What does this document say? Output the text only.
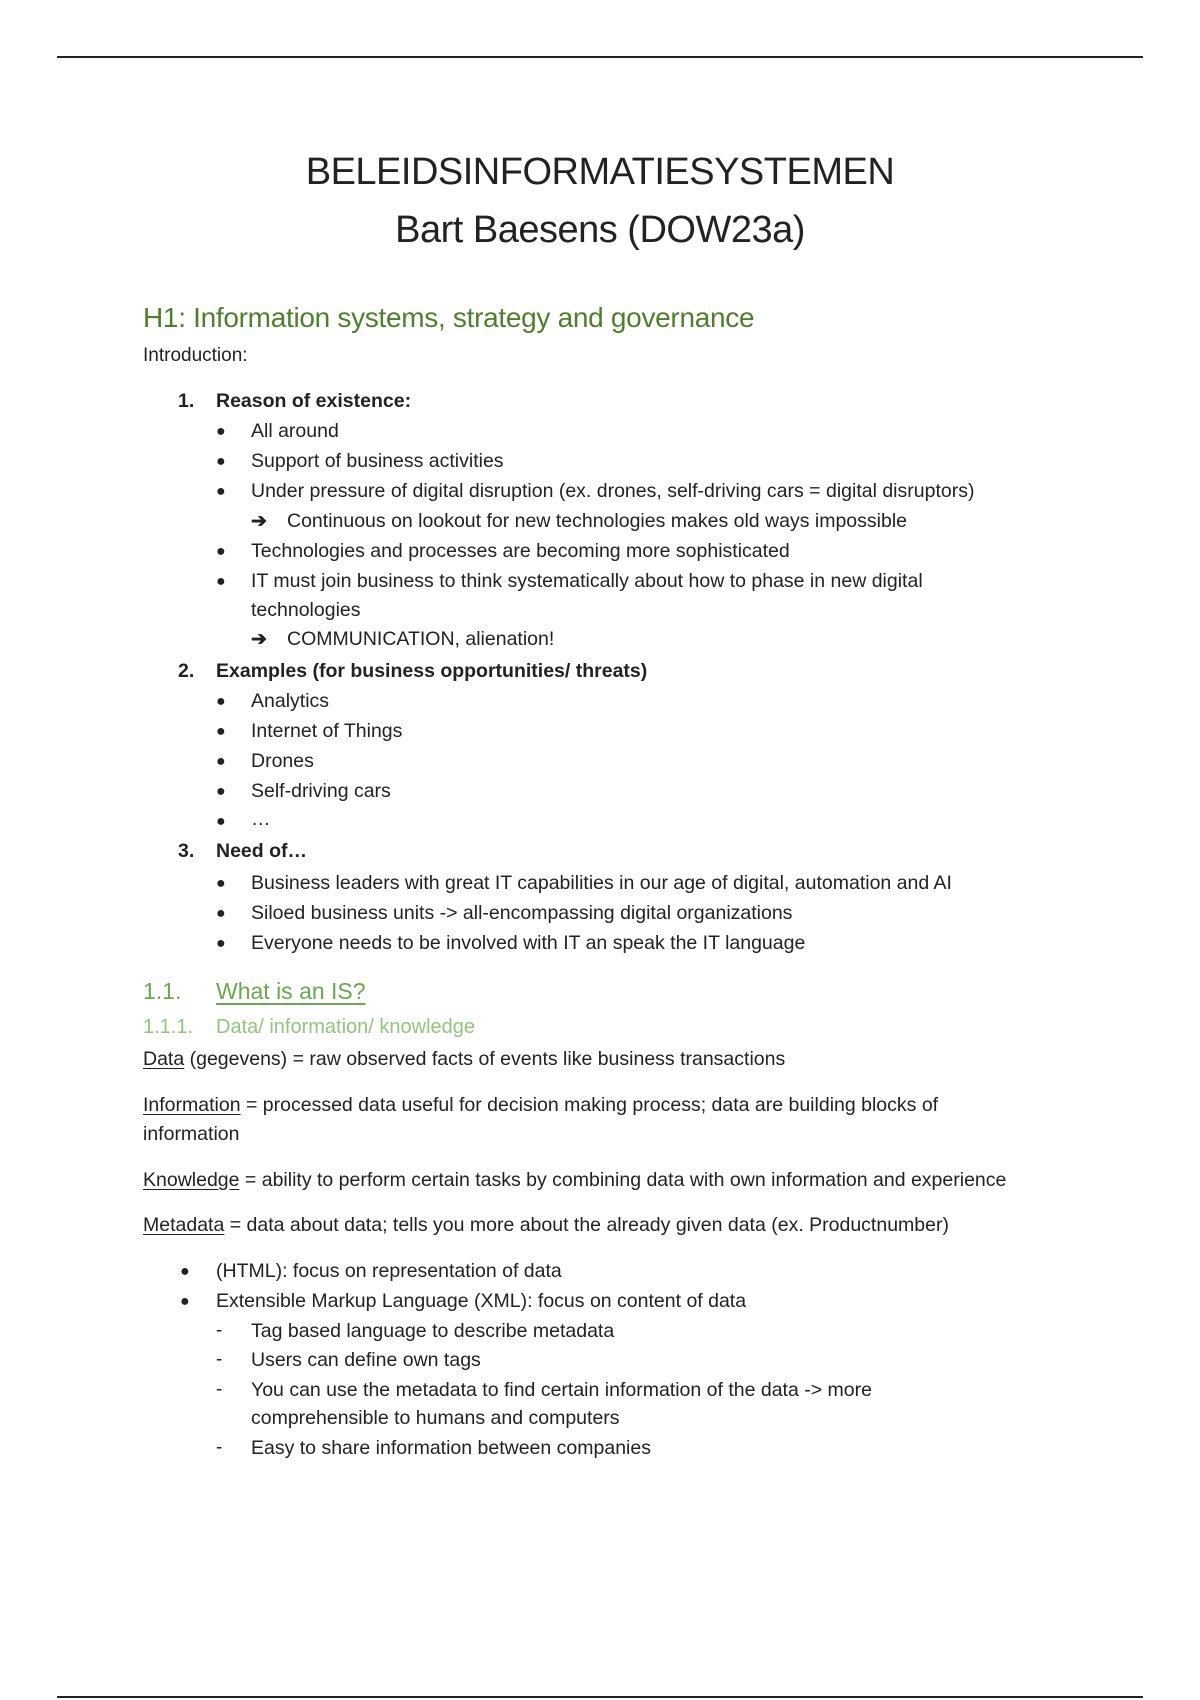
BELEIDSINFORMATIESYSTEMEN
Bart Baesens (DOW23a)
H1: Information systems, strategy and governance
Introduction:
1. Reason of existence:
● All around
● Support of business activities
● Under pressure of digital disruption (ex. drones, self-driving cars = digital disruptors)
➔ Continuous on lookout for new technologies makes old ways impossible
● Technologies and processes are becoming more sophisticated
● IT must join business to think systematically about how to phase in new digital
technologies
➔ COMMUNICATION, alienation!
2. Examples (for business opportunities/ threats)
● Analytics
● Internet of Things
● Drones
● Self-driving cars
● …
3. Need of…
● Business leaders with great IT capabilities in our age of digital, automation and AI
● Siloed business units -> all-encompassing digital organizations
● Everyone needs to be involved with IT an speak the IT language
1.1. What is an IS?
1.1.1. Data/ information/ knowledge
Data (gegevens) = raw observed facts of events like business transactions
Information = processed data useful for decision making process; data are building blocks of
information
Knowledge = ability to perform certain tasks by combining data with own information and experience
Metadata = data about data; tells you more about the already given data (ex. Productnumber)
● (HTML): focus on representation of data
● Extensible Markup Language (XML): focus on content of data
- Tag based language to describe metadata
- Users can define own tags
- You can use the metadata to find certain information of the data -> more
comprehensible to humans and computers
- Easy to share information between companies
